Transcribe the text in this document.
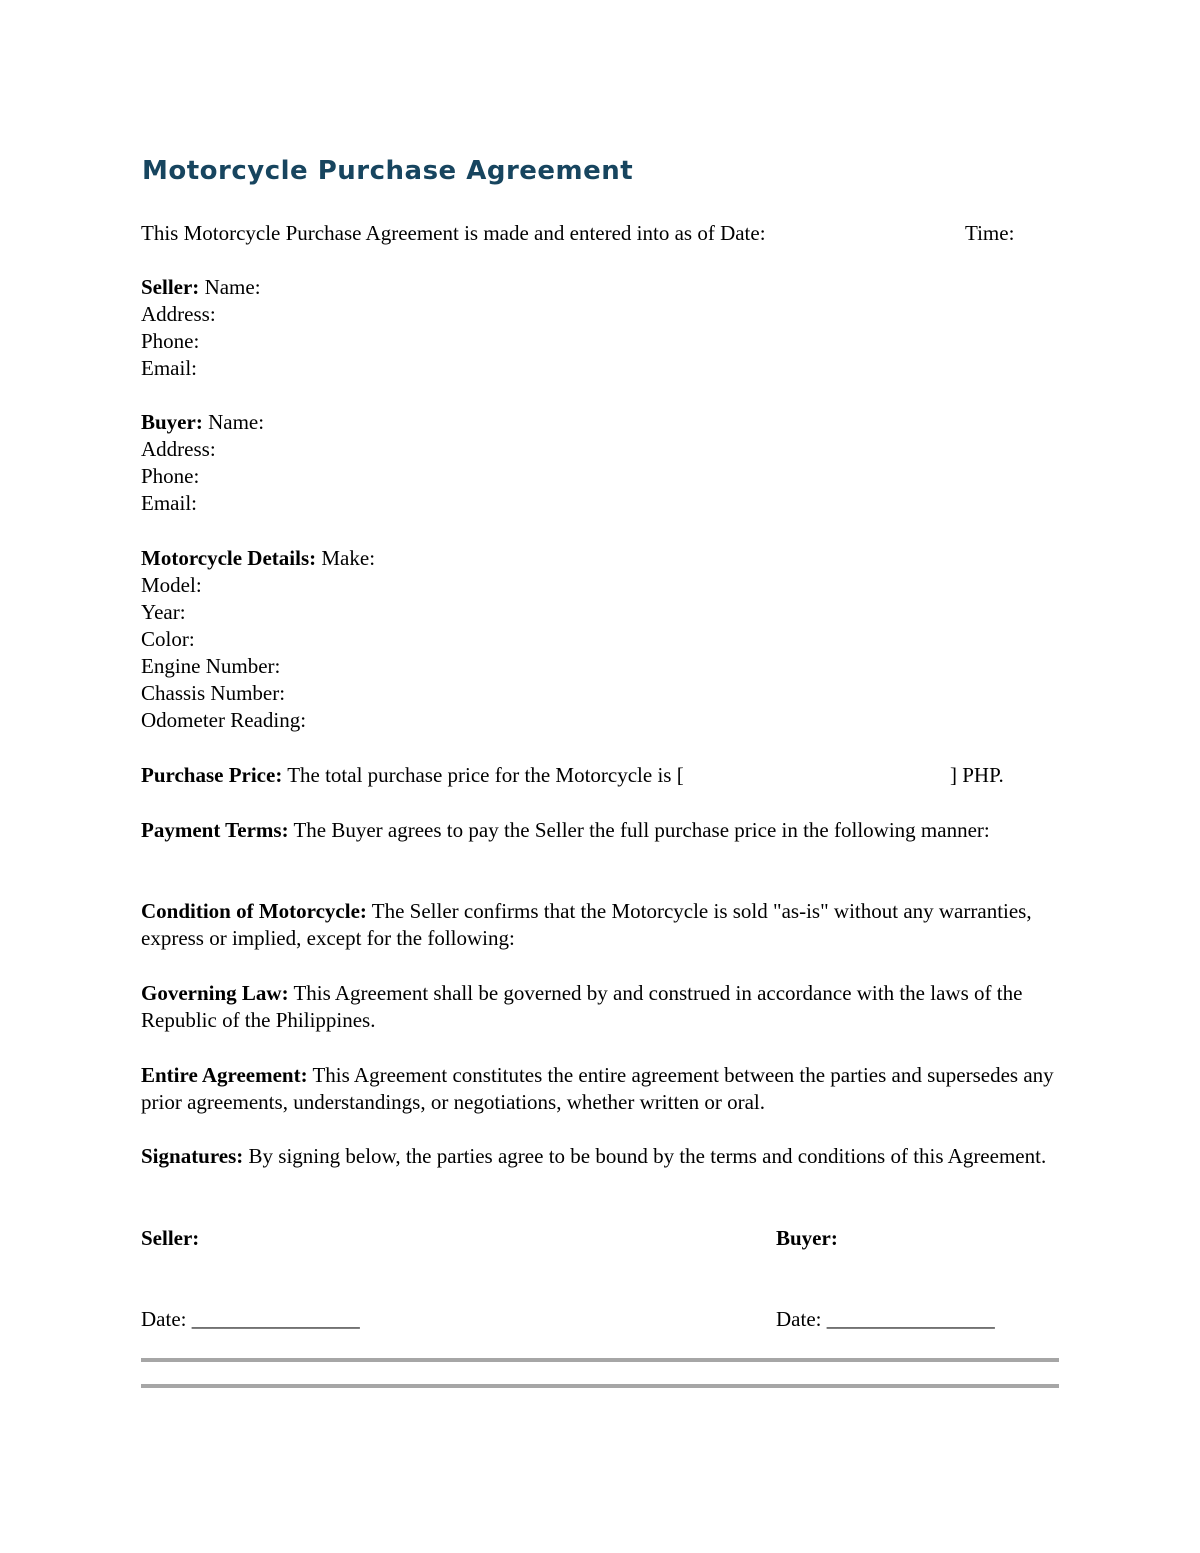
Motorcycle Purchase Agreement
This Motorcycle Purchase Agreement is made and entered into as of Date:	Time:
Seller: Name:
Address:
Phone:
Email:
Buyer: Name:
Address:
Phone:
Email:
Motorcycle Details: Make:
Model:
Year:
Color:
Engine Number:
Chassis Number:
Odometer Reading:
Purchase Price: The total purchase price for the Motorcycle is [	] PHP.
Payment Terms: The Buyer agrees to pay the Seller the full purchase price in the following manner:
Condition of Motorcycle: The Seller confirms that the Motorcycle is sold "as-is" without any warranties, express or implied, except for the following:
Governing Law: This Agreement shall be governed by and construed in accordance with the laws of the Republic of the Philippines.
Entire Agreement: This Agreement constitutes the entire agreement between the parties and supersedes any prior agreements, understandings, or negotiations, whether written or oral.
Signatures: By signing below, the parties agree to be bound by the terms and conditions of this Agreement.
Seller:	Buyer:
Date: ________________	Date: ________________
